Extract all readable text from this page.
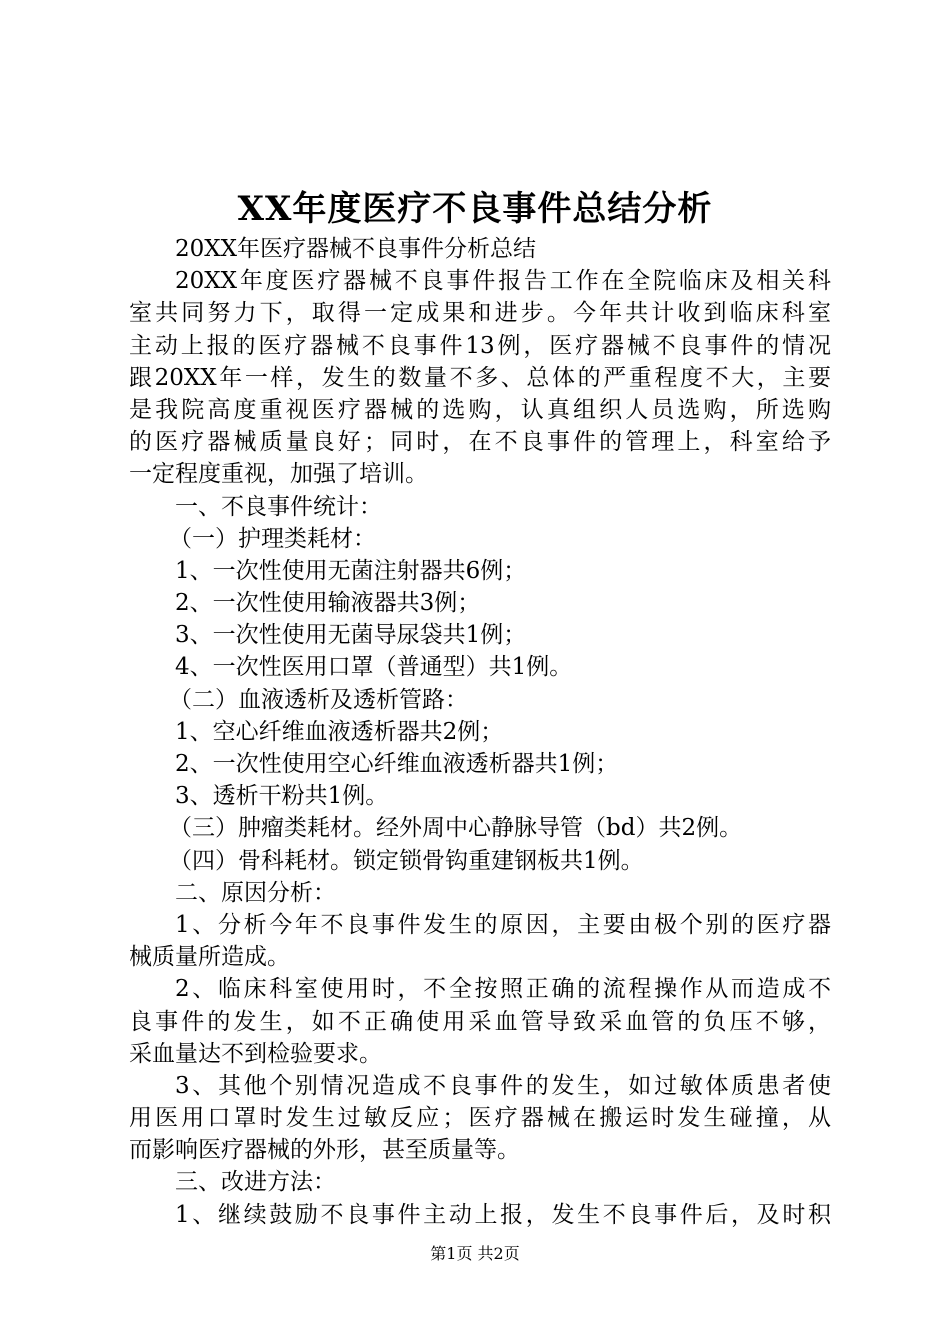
XX年度医疗不良事件总结分析
20XX年医疗器械不良事件分析总结
20XX年度医疗器械不良事件报告工作在全院临床及相关科
室共同努力下，取得一定成果和进步。今年共计收到临床科室
主动上报的医疗器械不良事件13例，医疗器械不良事件的情况
跟20XX年一样，发生的数量不多、总体的严重程度不大，主要
是我院高度重视医疗器械的选购，认真组织人员选购，所选购
的医疗器械质量良好；同时，在不良事件的管理上，科室给予
一定程度重视，加强了培训。
一、不良事件统计：
（一）护理类耗材：
1、一次性使用无菌注射器共6例；
2、一次性使用输液器共3例；
3、一次性使用无菌导尿袋共1例；
4、一次性医用口罩（普通型）共1例。
（二）血液透析及透析管路：
1、空心纤维血液透析器共2例；
2、一次性使用空心纤维血液透析器共1例；
3、透析干粉共1例。
（三）肿瘤类耗材。经外周中心静脉导管（bd）共2例。
（四）骨科耗材。锁定锁骨钩重建钢板共1例。
二、原因分析：
1、分析今年不良事件发生的原因，主要由极个别的医疗器
械质量所造成。
2、临床科室使用时，不全按照正确的流程操作从而造成不
良事件的发生，如不正确使用采血管导致采血管的负压不够，
采血量达不到检验要求。
3、其他个别情况造成不良事件的发生，如过敏体质患者使
用医用口罩时发生过敏反应；医疗器械在搬运时发生碰撞，从
而影响医疗器械的外形，甚至质量等。
三、改进方法：
1、继续鼓励不良事件主动上报，发生不良事件后，及时积
第1页 共2页
